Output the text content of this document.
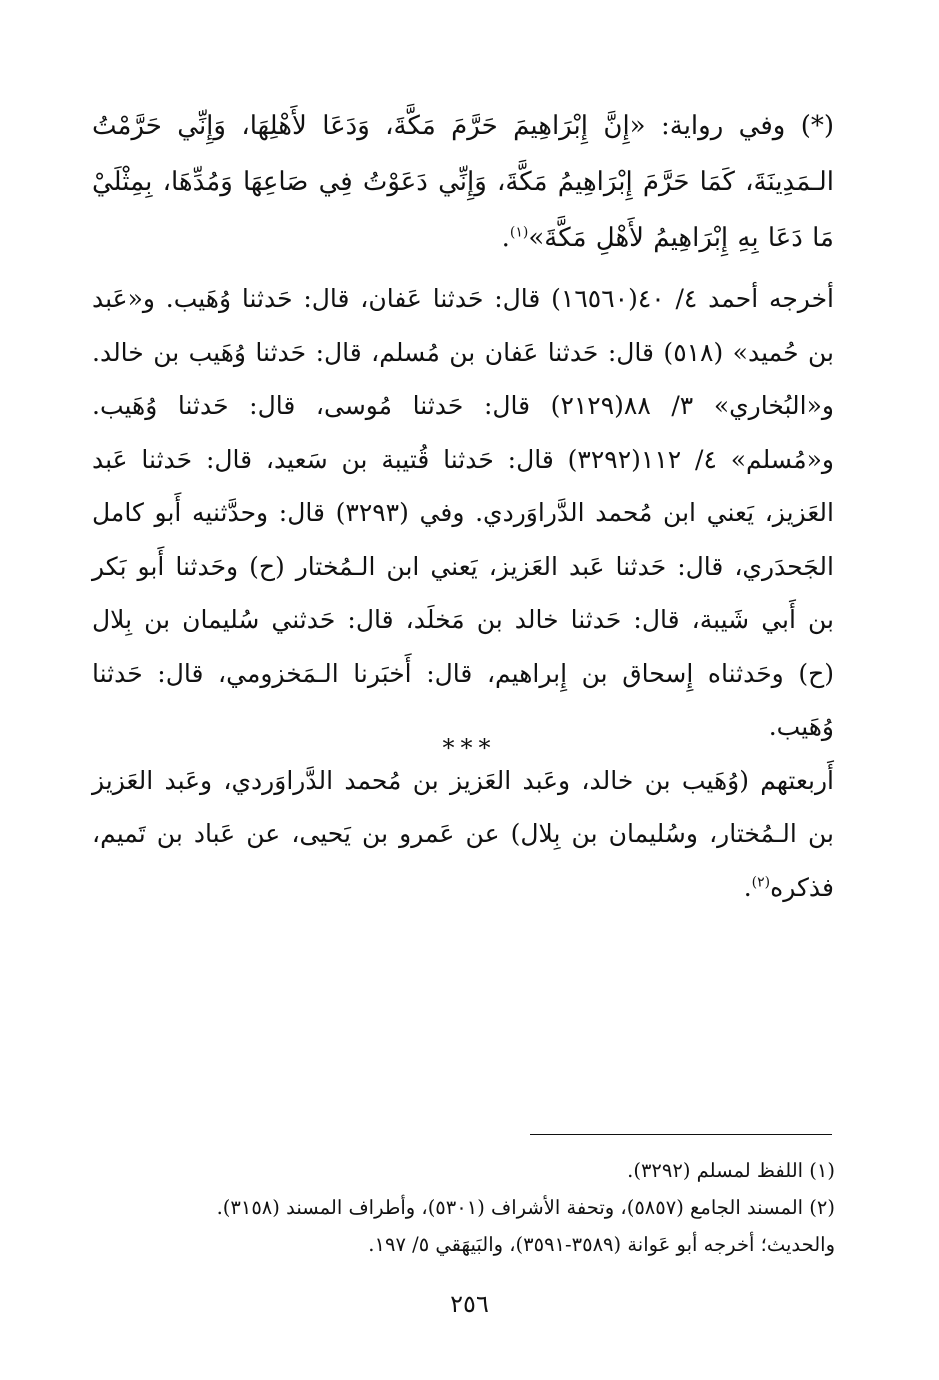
(*) وفي رواية: «إِنَّ إِبْرَاهِيمَ حَرَّمَ مَكَّةَ، وَدَعَا لأَهْلِهَا، وَإِنِّي حَرَّمْتُ الـمَدِينَةَ، كَمَا حَرَّمَ إِبْرَاهِيمُ مَكَّةَ، وَإِنِّي دَعَوْتُ فِي صَاعِهَا وَمُدِّهَا، بِمِثْلَيْ مَا دَعَا بِهِ إِبْرَاهِيمُ لأَهْلِ مَكَّةَ»$^{(١)}$.

أخرجه أحمد ٤/ ٤٠(١٦٥٦٠) قال: حَدثنا عَفان، قال: حَدثنا وُهَيب. و«عَبد بن حُميد» (٥١٨) قال: حَدثنا عَفان بن مُسلم، قال: حَدثنا وُهَيب بن خالد. و«البُخاري» ٣/ ٨٨(٢١٢٩) قال: حَدثنا مُوسى، قال: حَدثنا وُهَيب. و«مُسلم» ٤/ ١١٢(٣٢٩٢) قال: حَدثنا قُتيبة بن سَعيد، قال: حَدثنا عَبد العَزيز، يَعني ابن مُحمد الدَّراوَردي. وفي (٣٢٩٣) قال: وحدَّثنيه أَبو كامل الجَحدَري، قال: حَدثنا عَبد العَزيز، يَعني ابن الـمُختار (ح) وحَدثنا أَبو بَكر بن أَبي شَيبة، قال: حَدثنا خالد بن مَخلَد، قال: حَدثني سُليمان بن بِلال (ح) وحَدثناه إِسحاق بن إِبراهيم، قال: أَخبَرنا الـمَخزومي، قال: حَدثنا وُهَيب.

أَربعتهم (وُهَيب بن خالد، وعَبد العَزيز بن مُحمد الدَّراوَردي، وعَبد العَزيز بن الـمُختار، وسُليمان بن بِلال) عن عَمرو بن يَحيى، عن عَباد بن تَميم، فذكره$^{(٢)}$.

***

(١) اللفظ لمسلم (٣٢٩٢).

(٢) المسند الجامع (٥٨٥٧)، وتحفة الأشراف (٥٣٠١)، وأطراف المسند (٣١٥٨).

والحديث؛ أخرجه أبو عَوانة (٣٥٨٩-٣٥٩١)، والبَيهَقي ٥/ ١٩٧.

٢٥٦
